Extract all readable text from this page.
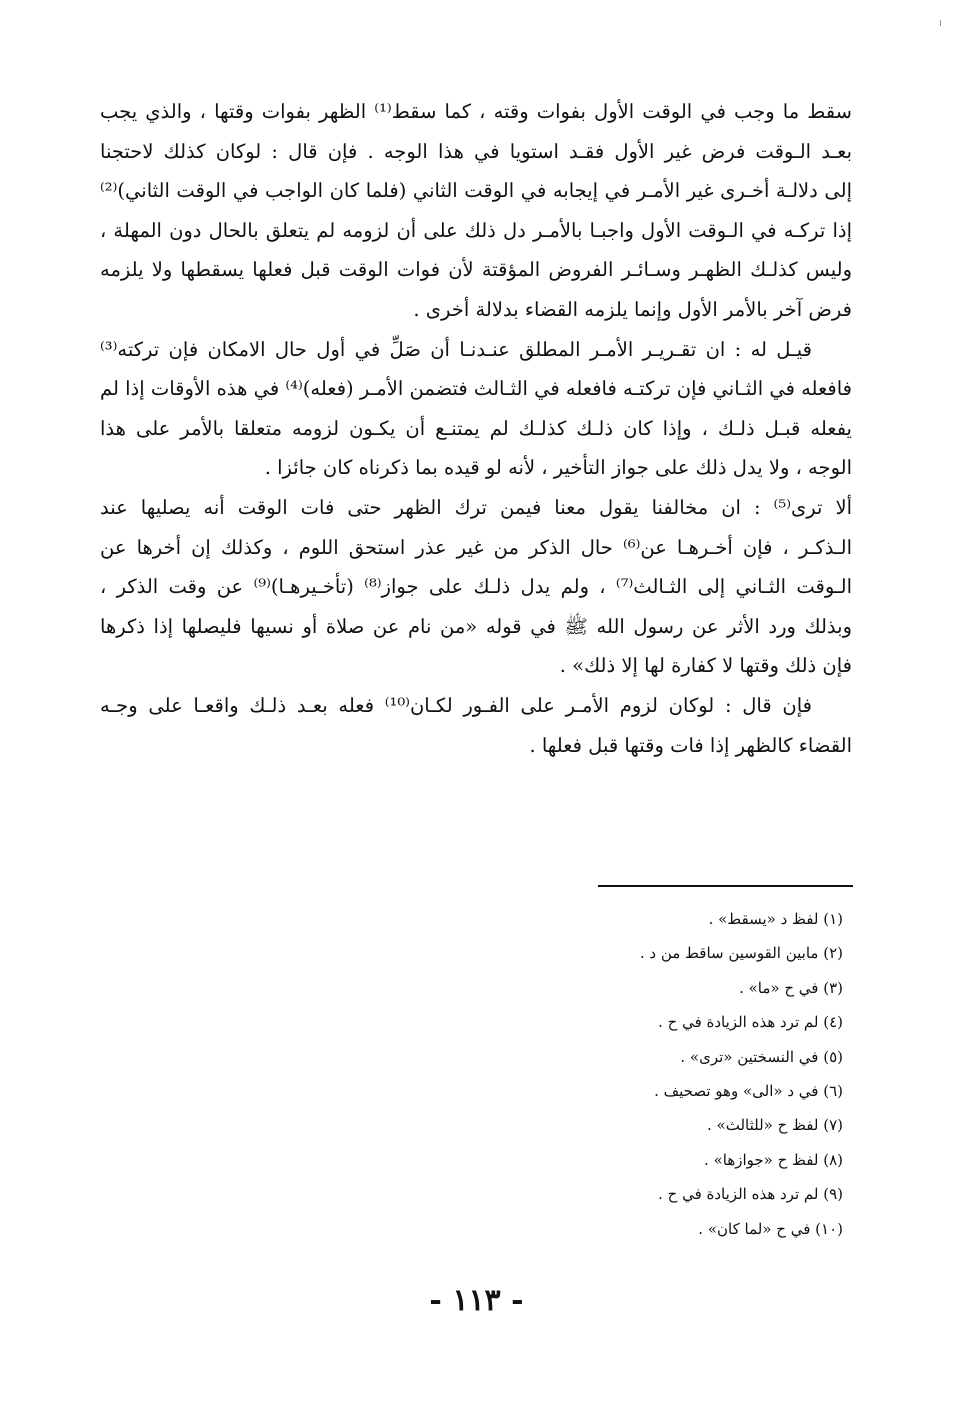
سقط ما وجب في الوقت الأول بفوات وقته ، كما سقط⁽¹⁾ الظهر بفوات وقتها ، والذي يجب
بعـد الـوقت فرض غير الأول فقـد استويا في هذا الوجه . فإن قال : لوكان كذلك لاحتجنا
إلى دلالـة أخـرى غير الأمـر في إيجابه في الوقت الثاني (فلما كان الواجب في الوقت الثاني)⁽²⁾
إذا تركـه في الـوقت الأول واجبـا بالأمـر دل ذلك على أن لزومه لم يتعلق بالحال دون المهلة ،
وليس كذلـك الظهـر وسـائـر الفروض المؤقتة لأن فوات الوقت قبل فعلها يسقطها ولا يلزمه
فرض آخر بالأمر الأول وإنما يلزمه القضاء بدلالة أخرى .
قيـل له : ان تقـريـر الأمـر المطلق عنـدنـا أن صَلِّ في أول حال الامكان فإن تركته⁽³⁾
فافعله في الثـاني فإن تركتـه فافعله في الثـالث فتضمن الأمـر (فعله)⁽⁴⁾ في هذه الأوقات إذا لم
يفعله قبـل ذلـك ، وإذا كان ذلـك كذلـك لم يمتنـع أن يكـون لزومه متعلقا بالأمر على هذا
الوجه ، ولا يدل ذلك على جواز التأخير ، لأنه لو قيده بما ذكرناه كان جائزا .
ألا ترى⁽⁵⁾ : ان مخالفنا يقول معنا فيمن ترك الظهر حتى فات الوقت أنه يصليها عند
الـذكـر ، فإن أخـرهـا عن⁽⁶⁾ حال الذكر من غير عذر استحق اللوم ، وكذلك إن أخرها عن
الـوقت الثـاني إلى الثـالث⁽⁷⁾ ، ولم يدل ذلـك على جواز⁽⁸⁾ (تأخـيرهـا)⁽⁹⁾ عن وقت الذكر ،
وبذلك ورد الأثر عن رسول الله ﷺ في قوله «من نام عن صلاة أو نسيها فليصلها إذا ذكرها
فإن ذلك وقتها لا كفارة لها إلا ذلك» .
فإن قال : لوكان لزوم الأمـر على الفـور لكـان⁽¹⁰⁾ فعله بعـد ذلـك واقعـا على وجـه
القضاء كالظهر إذا فات وقتها قبل فعلها .
(١) لفظ د «يسقط» .
(٢) مابين القوسين ساقط من د .
(٣) في ح «ما» .
(٤) لم ترد هذه الزيادة في ح .
(٥) في النسختين «ترى» .
(٦) في د «الى» وهو تصحيف .
(٧) لفظ ح «للثالث» .
(٨) لفظ ح «جوازها» .
(٩) لم ترد هذه الزيادة في ح .
(١٠) في ح «لما كان» .
- ١١٣ -
